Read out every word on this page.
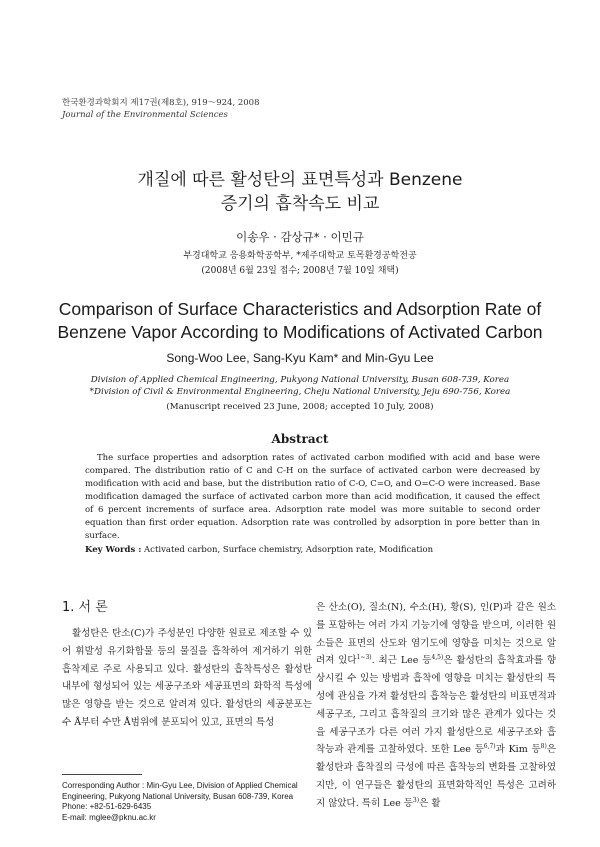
한국환경과학회지 제17권(제8호), 919～924, 2008
Journal of the Environmental Sciences
개질에 따른 활성탄의 표면특성과 Benzene
증기의 흡착속도 비교
이송우 · 감상규* · 이민규
부경대학교 응용화학공학부, *제주대학교 토목환경공학전공
(2008년 6월 23일 접수; 2008년 7월 10일 채택)
Comparison of Surface Characteristics and Adsorption Rate of
Benzene Vapor According to Modifications of Activated Carbon
Song-Woo Lee, Sang-Kyu Kam* and Min-Gyu Lee
Division of Applied Chemical Engineering, Pukyong National University, Busan 608-739, Korea
*Division of Civil & Environmental Engineering, Cheju National University, Jeju 690-756, Korea
(Manuscript received 23 June, 2008; accepted 10 July, 2008)
Abstract

The surface properties and adsorption rates of activated carbon modified with acid and base were compared. The distribution ratio of C and C-H on the surface of activated carbon were decreased by modification with acid and base, but the distribution ratio of C-O, C=O, and O=C-O were increased. Base modification damaged the surface of activated carbon more than acid modification, it caused the effect of 6 percent increments of surface area. Adsorption rate model was more suitable to second order equation than first order equation. Adsorption rate was controlled by adsorption in pore better than in surface.

Key Words : Activated carbon, Surface chemistry, Adsorption rate, Modification
1. 서 론

활성탄은 탄소(C)가 주성분인 다양한 원료로 제조할 수 있어 휘발성 유기화합물 등의 물질을 흡착하여 제거하기 위한 흡착제로 주로 사용되고 있다. 활성탄의 흡착특성은 활성탄 내부에 형성되어 있는 세공구조와 세공표면의 화학적 특성에 많은 영향을 받는 것으로 알려져 있다. 활성탄의 세공분포는 수 Å부터 수만 Å범위에 분포되어 있고, 표면의 특성

은 산소(O), 질소(N), 수소(H), 황(S), 인(P)과 같은 원소를 포함하는 여러 가지 기능기에 영향을 받으며, 이러한 원소들은 표면의 산도와 염기도에 영향을 미치는 것으로 알려져 있다$^{1\sim 3)}$. 최근 Lee 등$^{4,5)}$은 활성탄의 흡착효과를 향상시킬 수 있는 방법과 흡착에 영향을 미치는 활성탄의 특성에 관심을 가져 활성탄의 흡착능은 활성탄의 비표면적과 세공구조, 그리고 흡착질의 크기와 많은 관계가 있다는 것을 세공구조가 다른 여러 가지 활성탄으로 세공구조와 흡착능과 관계를 고찰하였다. 또한 Lee 등$^{6,7)}$과 Kim 등$^{8)}$은 활성탄과 흡착질의 극성에 따른 흡착능의 변화를 고찰하였지만, 이 연구들은 활성탄의 표면화학적인 특성은 고려하지 않았다. 특히 Lee 등$^{3)}$은 활

Corresponding Author : Min-Gyu Lee, Division of Applied Chemical Engineering, Pukyong National University, Busan 608-739, Korea
Phone: +82-51-629-6435
E-mail: mglee@pknu.ac.kr
